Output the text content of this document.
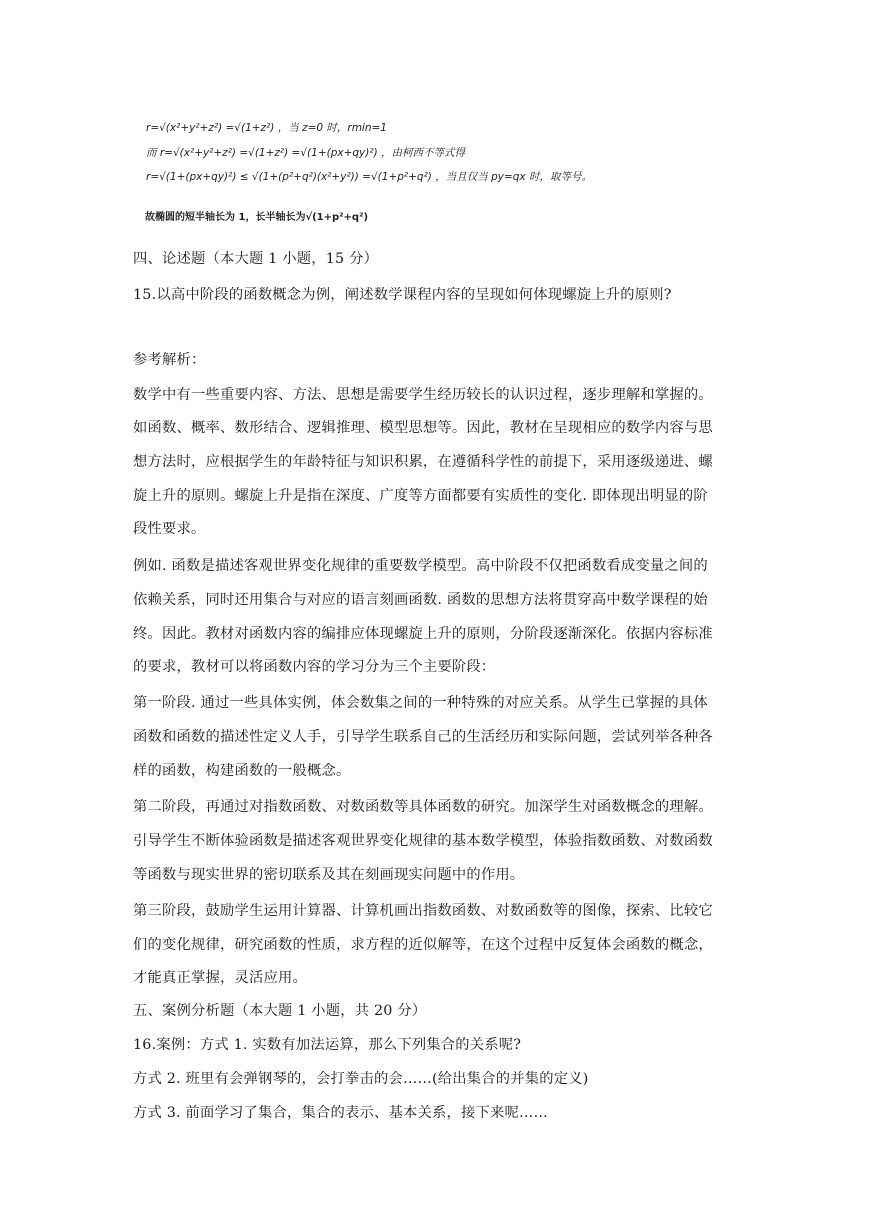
r=√(x²+y²+z²) =√(1+z²) ，当 z=0 时，rmin=1
而 r=√(x²+y²+z²) =√(1+z²) =√(1+(px+qy)²) ，由柯西不等式得
r=√(1+(px+qy)²) ≤ √(1+(p²+q²)(x²+y²)) =√(1+p²+q²) ，当且仅当 py=qx 时，取等号。
故椭圆的短半轴长为 1，长半轴长为√(1+p²+q²)
四、论述题（本大题 1 小题，15 分）
15.以高中阶段的函数概念为例，阐述数学课程内容的呈现如何体现螺旋上升的原则?
参考解析：
数学中有一些重要内容、方法、思想是需要学生经历较长的认识过程，逐步理解和掌握的。
如函数、概率、数形结合、逻辑推理、模型思想等。因此，教材在呈现相应的数学内容与思
想方法时，应根据学生的年龄特征与知识积累，在遵循科学性的前提下，采用逐级递进、螺
旋上升的原则。螺旋上升是指在深度、广度等方面都要有实质性的变化. 即体现出明显的阶
段性要求。
例如. 函数是描述客观世界变化规律的重要数学模型。高中阶段不仅把函数看成变量之间的
依赖关系，同时还用集合与对应的语言刻画函数. 函数的思想方法将贯穿高中数学课程的始
终。因此。教材对函数内容的编排应体现螺旋上升的原则，分阶段逐渐深化。依据内容标准
的要求，教材可以将函数内容的学习分为三个主要阶段：
第一阶段. 通过一些具体实例，体会数集之间的一种特殊的对应关系。从学生已掌握的具体
函数和函数的描述性定义人手，引导学生联系自己的生活经历和实际问题，尝试列举各种各
样的函数，构建函数的一般概念。
第二阶段，再通过对指数函数、对数函数等具体函数的研究。加深学生对函数概念的理解。
引导学生不断体验函数是描述客观世界变化规律的基本数学模型，体验指数函数、对数函数
等函数与现实世界的密切联系及其在刻画现实问题中的作用。
第三阶段，鼓励学生运用计算器、计算机画出指数函数、对数函数等的图像，探索、比较它
们的变化规律，研究函数的性质，求方程的近似解等，在这个过程中反复体会函数的概念，
才能真正掌握，灵活应用。
五、案例分析题（本大题 1 小题，共 20 分）
16.案例：方式 1. 实数有加法运算，那么下列集合的关系呢?
方式 2. 班里有会弹钢琴的，会打拳击的会……(给出集合的并集的定义)
方式 3. 前面学习了集合，集合的表示、基本关系，接下来呢……
